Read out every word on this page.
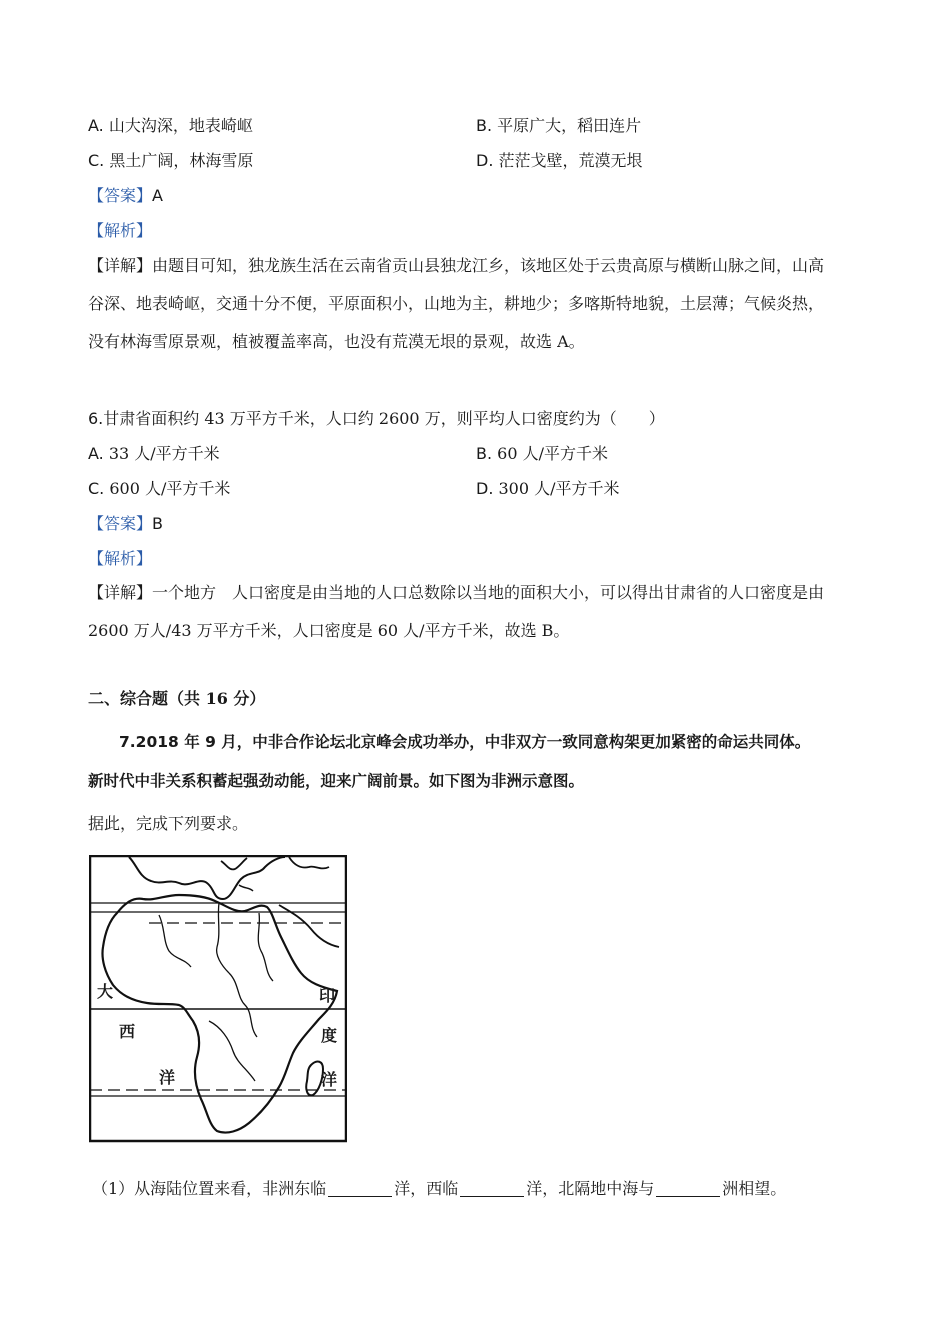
A. 山大沟深，地表崎岖	B. 平原广大，稻田连片
C. 黑土广阔，林海雪原	D. 茫茫戈壁，荒漠无垠
【答案】A
【解析】
【详解】由题目可知，独龙族生活在云南省贡山县独龙江乡，该地区处于云贵高原与横断山脉之间，山高
谷深、地表崎岖，交通十分不便，平原面积小，山地为主，耕地少；多喀斯特地貌，土层薄；气候炎热，
没有林海雪原景观，植被覆盖率高，也没有荒漠无垠的景观，故选 A。
6.甘肃省面积约 43 万平方千米，人口约 2600 万，则平均人口密度约为（　　）
A. 33 人/平方千米	B. 60 人/平方千米
C. 600 人/平方千米	D. 300 人/平方千米
【答案】B
【解析】
【详解】一个地方　人口密度是由当地的人口总数除以当地的面积大小，可以得出甘肃省的人口密度是由
2600 万人/43 万平方千米，人口密度是 60 人/平方千米，故选 B。
二、综合题（共 16 分）
7.2018 年 9 月，中非合作论坛北京峰会成功举办，中非双方一致同意构架更加紧密的命运共同体。
新时代中非关系积蓄起强劲动能，迎来广阔前景。如下图为非洲示意图。
据此，完成下列要求。
大
西
洋
印
度
洋
（1）从海陆位置来看，非洲东临	洋，西临	洋，北隔地中海与	洲相望。
